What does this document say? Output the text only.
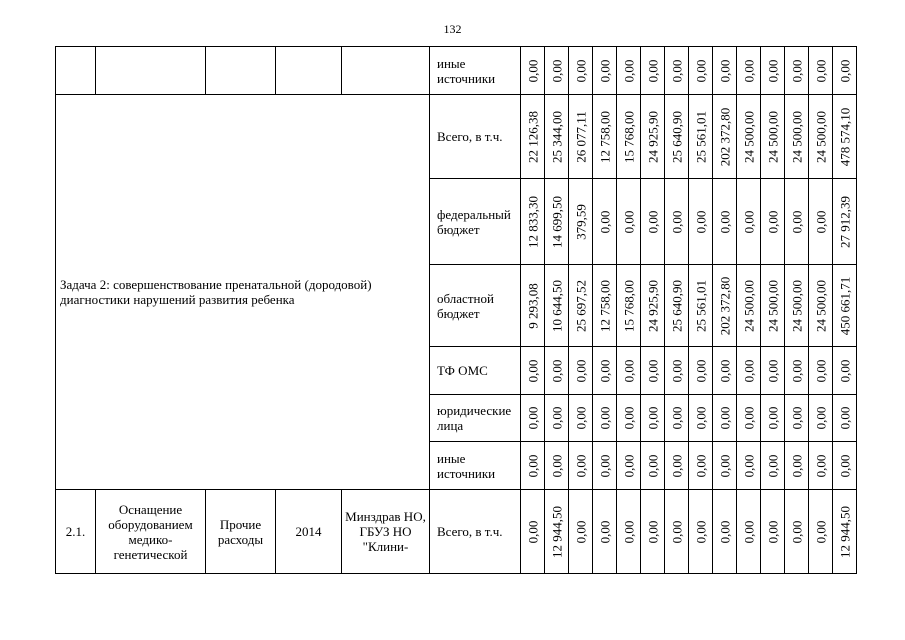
132
					иные источники	0,00	0,00	0,00	0,00	0,00	0,00	0,00	0,00	0,00	0,00	0,00	0,00	0,00	0,00

Задача 2: совершенствование пренатальной (дородовой) диагностики нарушений развития ребенка					Всего, в т.ч.	22 126,38	25 344,00	26 077,11	12 758,00	15 768,00	24 925,90	25 640,90	25 561,01	202 372,80	24 500,00	24 500,00	24 500,00	24 500,00	478 574,10

					федеральный бюджет	12 833,30	14 699,50	379,59	0,00	0,00	0,00	0,00	0,00	0,00	0,00	0,00	0,00	0,00	27 912,39

					областной бюджет	9 293,08	10 644,50	25 697,52	12 758,00	15 768,00	24 925,90	25 640,90	25 561,01	202 372,80	24 500,00	24 500,00	24 500,00	24 500,00	450 661,71

					ТФ ОМС	0,00	0,00	0,00	0,00	0,00	0,00	0,00	0,00	0,00	0,00	0,00	0,00	0,00	0,00

					юридические лица	0,00	0,00	0,00	0,00	0,00	0,00	0,00	0,00	0,00	0,00	0,00	0,00	0,00	0,00

					иные источники	0,00	0,00	0,00	0,00	0,00	0,00	0,00	0,00	0,00	0,00	0,00	0,00	0,00	0,00

2.1.	Оснащение оборудованием медико-генетической	Прочие расходы	2014	Минздрав НО, ГБУЗ НО "Клини-	Всего, в т.ч.	0,00	12 944,50	0,00	0,00	0,00	0,00	0,00	0,00	0,00	0,00	0,00	0,00	0,00	12 944,50
